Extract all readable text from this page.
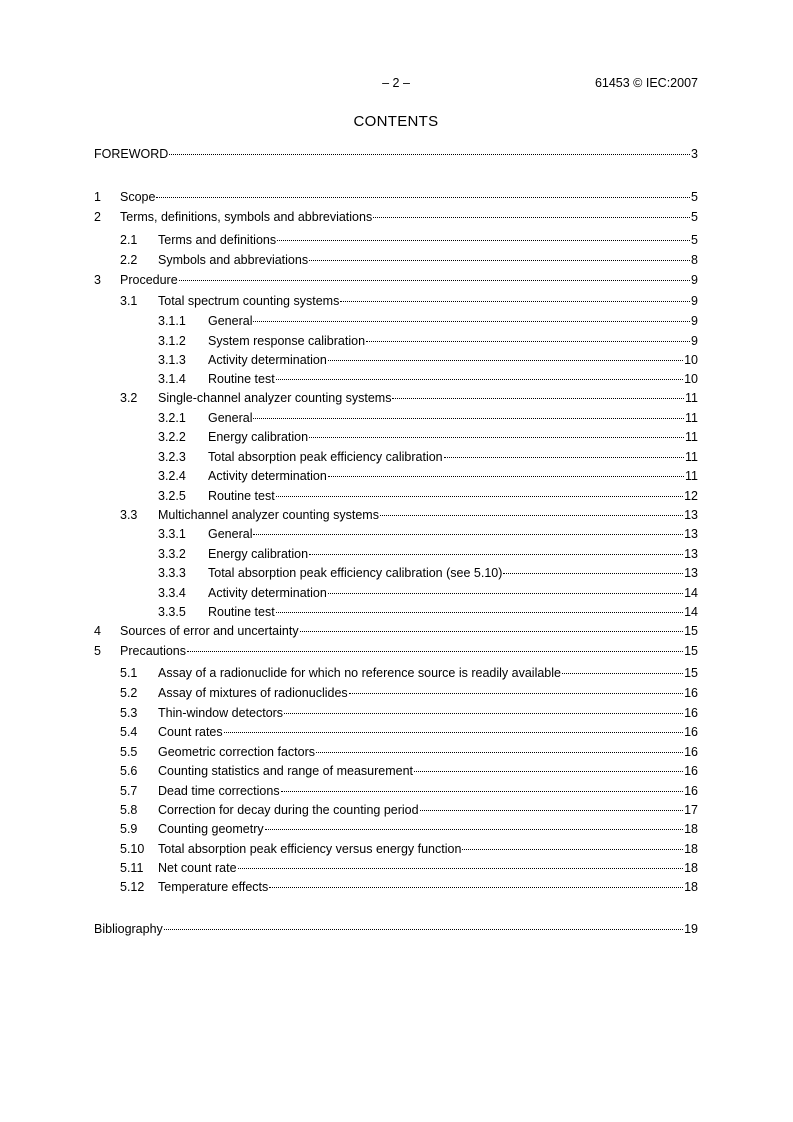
– 2 –	61453 © IEC:2007
CONTENTS
FOREWORD	3
1	Scope	5
2	Terms, definitions, symbols and abbreviations	5
2.1	Terms and definitions	5
2.2	Symbols and abbreviations	8
3	Procedure	9
3.1	Total spectrum counting systems	9
3.1.1	General	9
3.1.2	System response calibration	9
3.1.3	Activity determination	10
3.1.4	Routine test	10
3.2	Single-channel analyzer counting systems	11
3.2.1	General	11
3.2.2	Energy calibration	11
3.2.3	Total absorption peak efficiency calibration	11
3.2.4	Activity determination	11
3.2.5	Routine test	12
3.3	Multichannel analyzer counting systems	13
3.3.1	General	13
3.3.2	Energy calibration	13
3.3.3	Total absorption peak efficiency calibration (see 5.10)	13
3.3.4	Activity determination	14
3.3.5	Routine test	14
4	Sources of error and uncertainty	15
5	Precautions	15
5.1	Assay of a radionuclide for which no reference source is readily available	15
5.2	Assay of mixtures of radionuclides	16
5.3	Thin-window detectors	16
5.4	Count rates	16
5.5	Geometric correction factors	16
5.6	Counting statistics and range of measurement	16
5.7	Dead time corrections	16
5.8	Correction for decay during the counting period	17
5.9	Counting geometry	18
5.10	Total absorption peak efficiency versus energy function	18
5.11	Net count rate	18
5.12	Temperature effects	18
Bibliography	19
